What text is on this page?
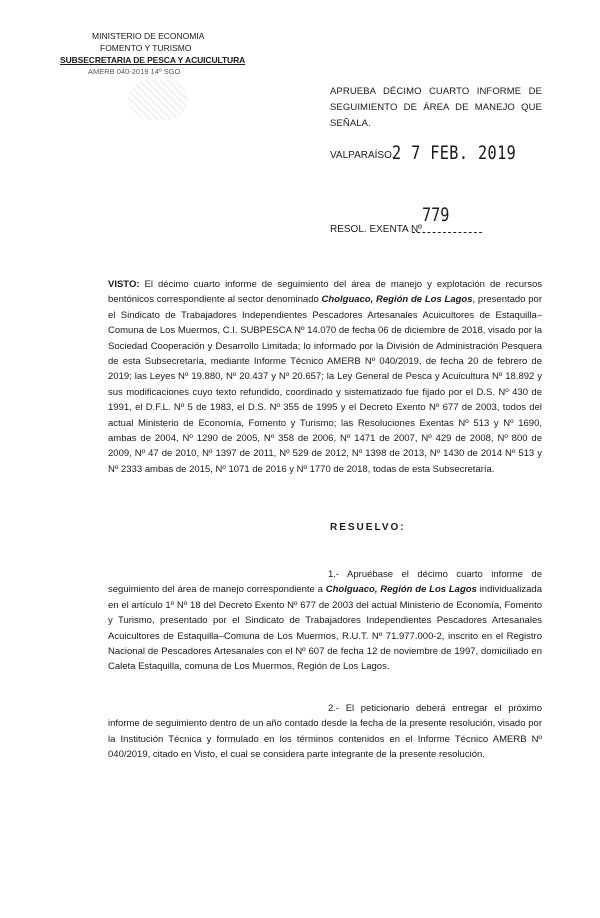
MINISTERIO DE ECONOMIA
FOMENTO Y TURISMO
SUBSECRETARIA DE PESCA Y ACUICULTURA
AMERB 040-2019 14º SGO
APRUEBA DÉCIMO CUARTO INFORME DE SEGUIMIENTO DE ÁREA DE MANEJO QUE SEÑALA.
VALPARAÍSO,
2 7 FEB. 2019
RESOL. EXENTA Nº
779
VISTO: El décimo cuarto informe de seguimiento del área de manejo y explotación de recursos bentónicos correspondiente al sector denominado Cholguaco, Región de Los Lagos, presentado por el Sindicato de Trabajadores Independientes Pescadores Artesanales Acuicultores de Estaquilla–Comuna de Los Muermos, C.I. SUBPESCA Nº 14.070 de fecha 06 de diciembre de 2018, visado por la Sociedad Cooperación y Desarrollo Limitada; lo informado por la División de Administración Pesquera de esta Subsecretaría, mediante Informe Técnico AMERB Nº 040/2019, de fecha 20 de febrero de 2019; las Leyes Nº 19.880, Nº 20.437 y Nº 20.657; la Ley General de Pesca y Acuicultura Nº 18.892 y sus modificaciones cuyo texto refundido, coordinado y sistematizado fue fijado por el D.S. Nº 430 de 1991, el D.F.L. Nº 5 de 1983, el D.S. Nº 355 de 1995 y el Decreto Exento Nº 677 de 2003, todos del actual Ministerio de Economía, Fomento y Turismo; las Resoluciones Exentas Nº 513 y Nº 1690, ambas de 2004, Nº 1290 de 2005, Nº 358 de 2006, Nº 1471 de 2007, Nº 429 de 2008, Nº 800 de 2009, Nº 47 de 2010, Nº 1397 de 2011, Nº 529 de 2012, Nº 1398 de 2013, Nº 1430 de 2014 Nº 513 y Nº 2333 ambas de 2015, Nº 1071 de 2016 y Nº 1770 de 2018, todas de esta Subsecretaría.
RESUELVO:
1.- Apruébase el décimo cuarto informe de seguimiento del área de manejo correspondiente a Cholguaco, Región de Los Lagos individualizada en el artículo 1º Nº 18 del Decreto Exento Nº 677 de 2003 del actual Ministerio de Economía, Fomento y Turismo, presentado por el Sindicato de Trabajadores Independientes Pescadores Artesanales Acuicultores de Estaquilla–Comuna de Los Muermos, R.U.T. Nº 71.977.000-2, inscrito en el Registro Nacional de Pescadores Artesanales con el Nº 607 de fecha 12 de noviembre de 1997, domiciliado en Caleta Estaquilla, comuna de Los Muermos, Región de Los Lagos.
2.- El peticionario deberá entregar el próximo informe de seguimiento dentro de un año contado desde la fecha de la presente resolución, visado por la Institución Técnica y formulado en los términos contenidos en el Informe Técnico AMERB Nº 040/2019, citado en Visto, el cual se considera parte integrante de la presente resolución.
